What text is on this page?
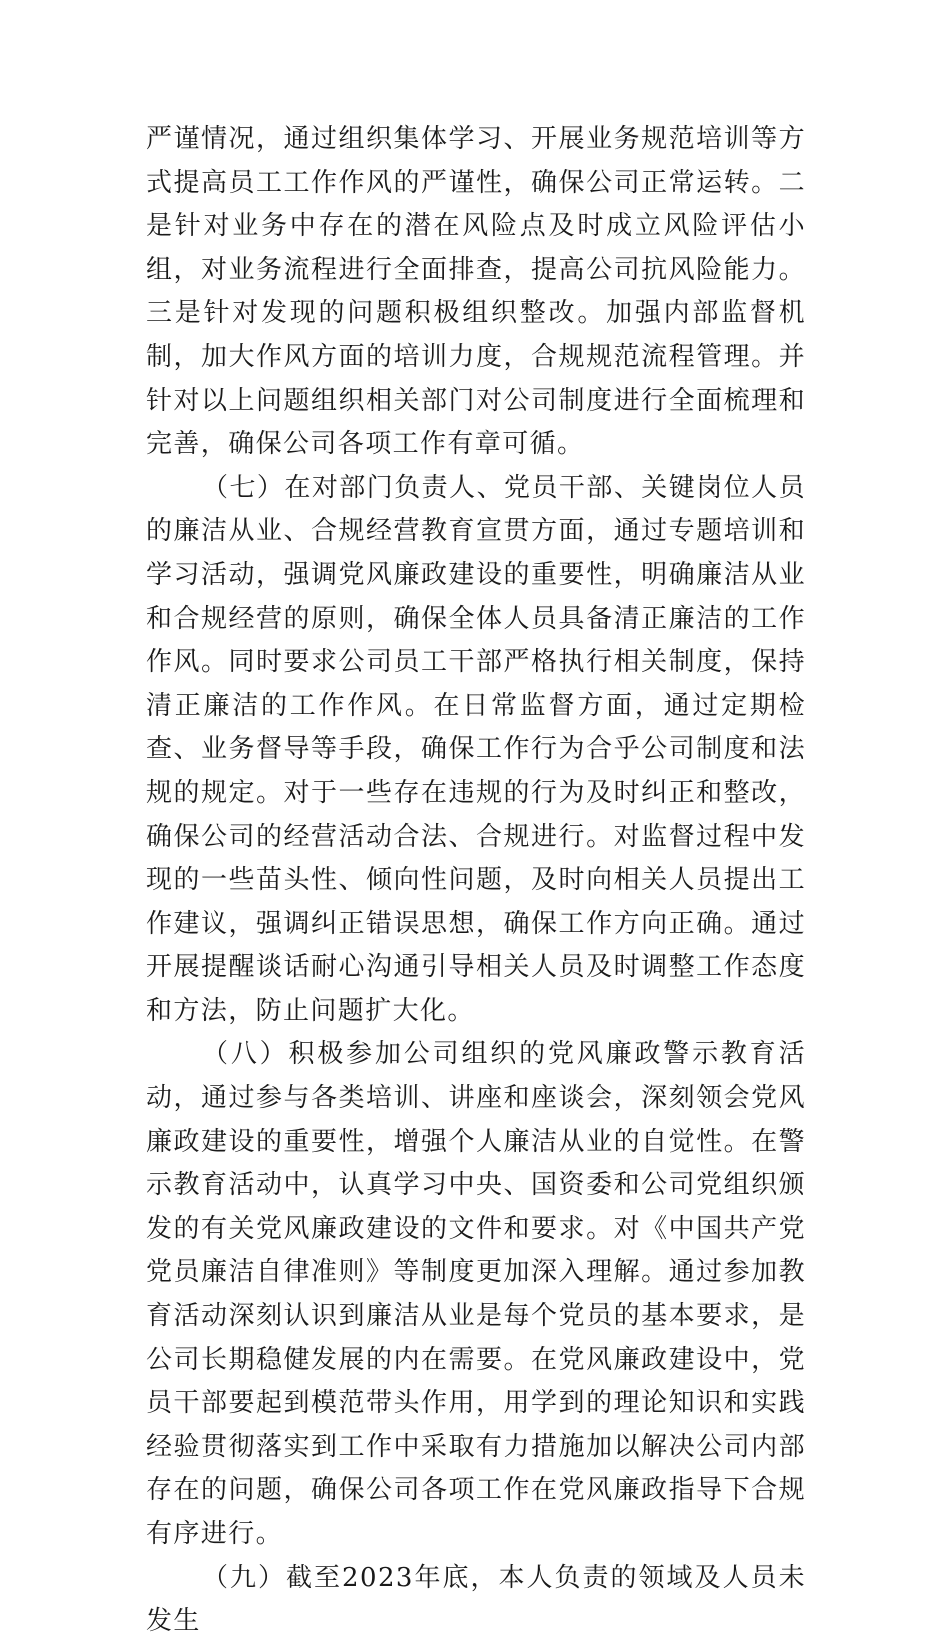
严谨情况，通过组织集体学习、开展业务规范培训等方式提高员工工作作风的严谨性，确保公司正常运转。二是针对业务中存在的潜在风险点及时成立风险评估小组，对业务流程进行全面排查，提高公司抗风险能力。三是针对发现的问题积极组织整改。加强内部监督机制，加大作风方面的培训力度，合规规范流程管理。并针对以上问题组织相关部门对公司制度进行全面梳理和完善，确保公司各项工作有章可循。

（七）在对部门负责人、党员干部、关键岗位人员的廉洁从业、合规经营教育宣贯方面，通过专题培训和学习活动，强调党风廉政建设的重要性，明确廉洁从业和合规经营的原则，确保全体人员具备清正廉洁的工作作风。同时要求公司员工干部严格执行相关制度，保持清正廉洁的工作作风。在日常监督方面，通过定期检查、业务督导等手段，确保工作行为合乎公司制度和法规的规定。对于一些存在违规的行为及时纠正和整改，确保公司的经营活动合法、合规进行。对监督过程中发现的一些苗头性、倾向性问题，及时向相关人员提出工作建议，强调纠正错误思想，确保工作方向正确。通过开展提醒谈话耐心沟通引导相关人员及时调整工作态度和方法，防止问题扩大化。

（八）积极参加公司组织的党风廉政警示教育活动，通过参与各类培训、讲座和座谈会，深刻领会党风廉政建设的重要性，增强个人廉洁从业的自觉性。在警示教育活动中，认真学习中央、国资委和公司党组织颁发的有关党风廉政建设的文件和要求。对《中国共产党党员廉洁自律准则》等制度更加深入理解。通过参加教育活动深刻认识到廉洁从业是每个党员的基本要求，是公司长期稳健发展的内在需要。在党风廉政建设中，党员干部要起到模范带头作用，用学到的理论知识和实践经验贯彻落实到工作中采取有力措施加以解决公司内部存在的问题，确保公司各项工作在党风廉政指导下合规有序进行。

（九）截至2023年底，本人负责的领域及人员未发生
